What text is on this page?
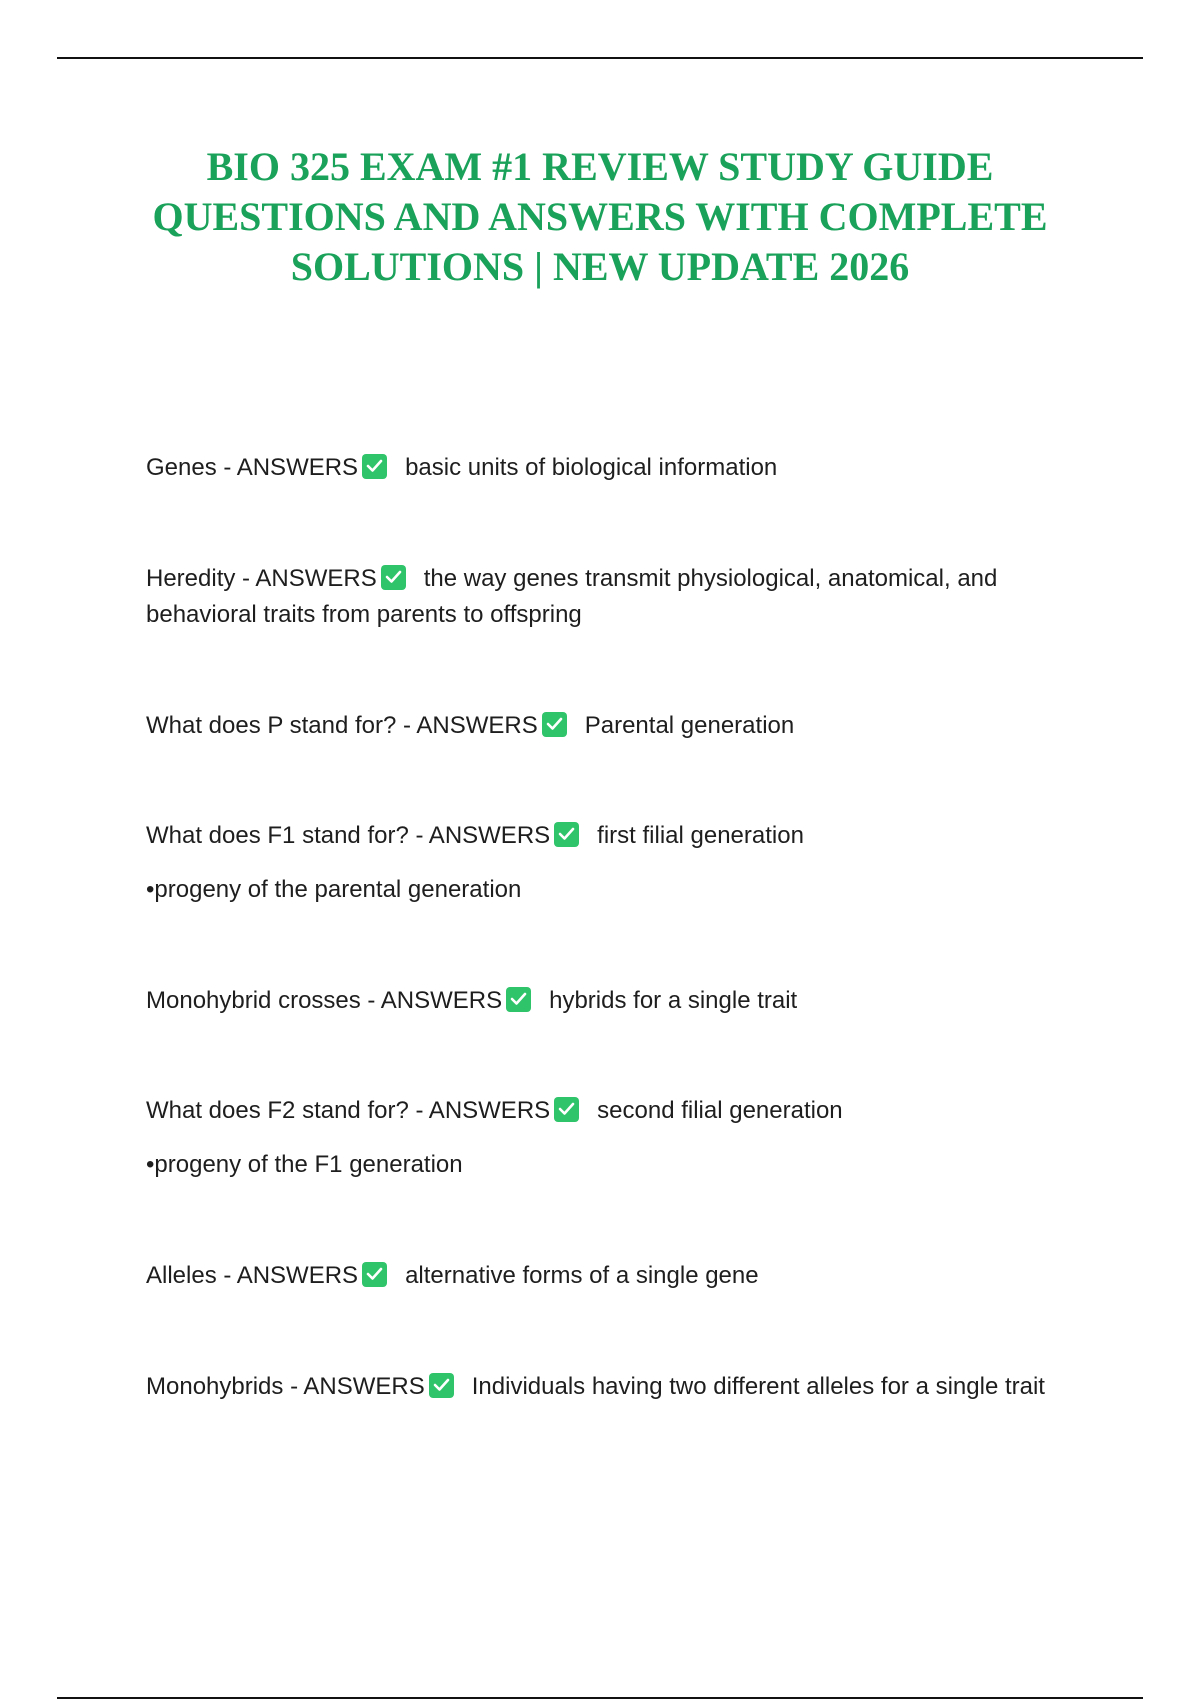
BIO 325 EXAM #1 REVIEW STUDY GUIDE
QUESTIONS AND ANSWERS WITH COMPLETE
SOLUTIONS | NEW UPDATE 2026
Genes - ANSWERS basic units of biological information
Heredity - ANSWERS the way genes transmit physiological, anatomical, and behavioral traits from parents to offspring
What does P stand for? - ANSWERS Parental generation
What does F1 stand for? - ANSWERS first filial generation
•progeny of the parental generation
Monohybrid crosses - ANSWERS hybrids for a single trait
What does F2 stand for? - ANSWERS second filial generation
•progeny of the F1 generation
Alleles - ANSWERS alternative forms of a single gene
Monohybrids - ANSWERS Individuals having two different alleles for a single trait
